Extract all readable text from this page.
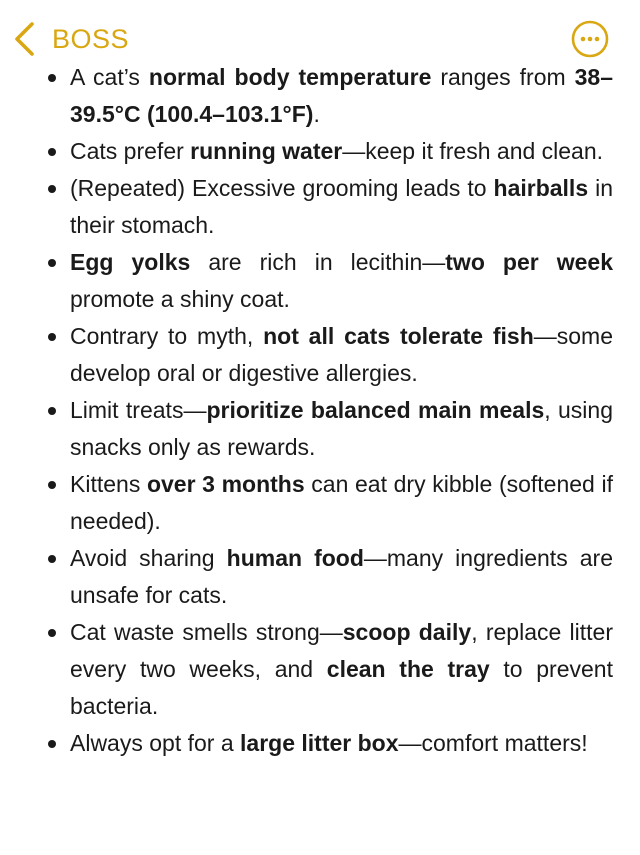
BOSS
A cat’s normal body temperature ranges from 38–39.5°C (100.4–103.1°F).
Cats prefer running water—keep it fresh and clean.
(Repeated) Excessive grooming leads to hairballs in their stomach.
Egg yolks are rich in lecithin—two per week promote a shiny coat.
Contrary to myth, not all cats tolerate fish—some develop oral or digestive allergies.
Limit treats—prioritize balanced main meals, using snacks only as rewards.
Kittens over 3 months can eat dry kibble (softened if needed).
Avoid sharing human food—many ingredients are unsafe for cats.
Cat waste smells strong—scoop daily, replace litter every two weeks, and clean the tray to prevent bacteria.
Always opt for a large litter box—comfort matters!
